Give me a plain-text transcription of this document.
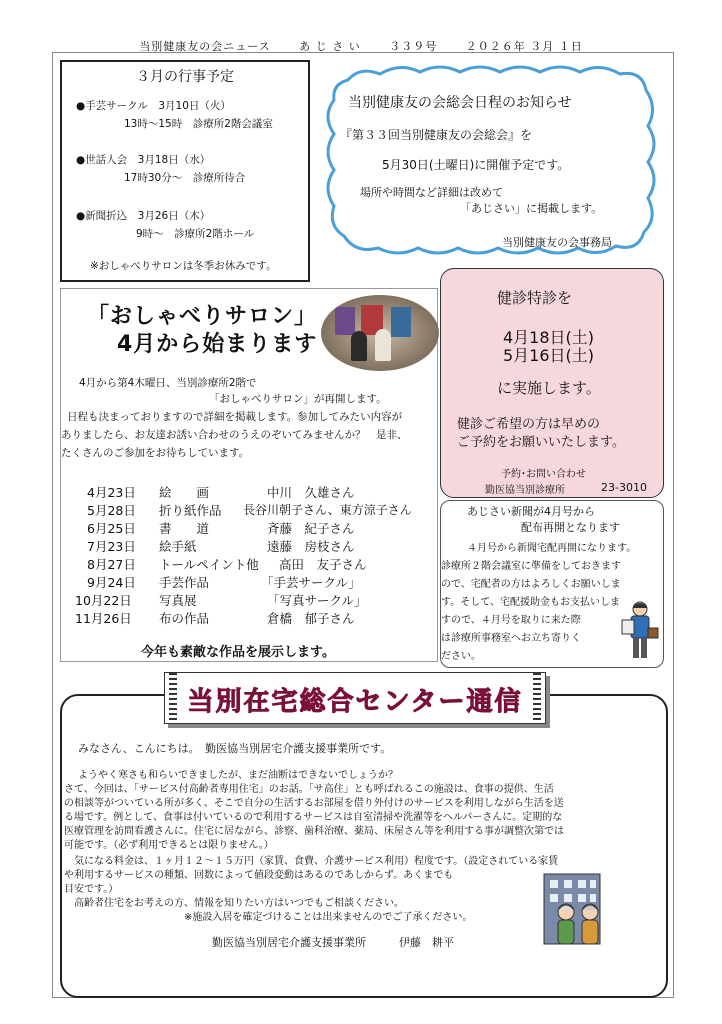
当別健康友の会ニュース　　	あ じ さ い　　	３３９号　　	２０２６年 ３月 １日
３月の行事予定
●手芸サークル　3月10日（火）
13時～15時　診療所2階会議室
●世話人会　3月18日（水）
17時30分～　診療所待合
●新聞折込　3月26日（木）
9時～　診療所2階ホール
※おしゃべりサロンは冬季お休みです。
当別健康友の会総会日程のお知らせ
『第３３回当別健康友の会総会』を
5月30日(土曜日)に開催予定です。
場所や時間など詳細は改めて
「あじさい」に掲載します。
当別健康友の会事務局
「おしゃべりサロン」
4月から始まります
4月から第4木曜日、当別診療所2階で
「おしゃべりサロン」が再開します。
日程も決まっておりますので詳細を掲載します。参加してみたい内容が
ありましたら、お友達お誘い合わせのうえのぞいてみませんか？　是非、
たくさんのご参加をお待ちしています。
4月23日 絵　　画	中川　久雄さん
5月28日 折り紙作品 長谷川朝子さん、東方涼子さん
6月25日 書　　道	斉藤　紀子さん
7月23日 絵手紙	遠藤　房枝さん
8月27日 トールペイント他 高田　友子さん
9月24日 手芸作品	「手芸サークル」
10月22日 写真展	「写真サークル」
11月26日 布の作品	倉橋　郁子さん
今年も素敵な作品を展示します。
健診特診を
4月18日(土)
5月16日(土)
に実施します。
健診ご希望の方は早めの
ご予約をお願いいたします。
予約･お問い合わせ
勤医協当別診療所	23-3010
あじさい新聞が4月号から
配布再開となります
４月号から新聞宅配再開になります。
診療所２階会議室に準備をしておきます
ので、宅配者の方はよろしくお願いしま
す。そして、宅配援助金もお支払いしま
すので、４月号を取りに来た際
は診療所事務室へお立ち寄りく
ださい。
みなさん、こんにちは。　勤医協当別居宅介護支援事業所です。
　ようやく寒さも和らいできましたが、まだ油断はできないでしょうか？
さて、今回は、「サービス付高齢者専用住宅」のお話。「サ高住」とも呼ばれるこの施設は、食事の提供、生活
の相談等がついている所が多く、そこで自分の生活するお部屋を借り外付けのサービスを利用しながら生活を送
る場です。例として、食事は付いているので利用するサービスは自室清掃や洗濯等をヘルパーさんに。定期的な
医療管理を訪問看護さんに。住宅に居ながら、診察、歯科治療、薬局、床屋さん等を利用する事が調整次第では
可能です。（必ず利用できるとは限りません。）
　気になる料金は、１ヶ月１２～１５万円（家賃、食費、介護サービス利用）程度です。（設定されている家賃
や利用するサービスの種類、回数によって値段変動はあるのであしからず。あくまでも
目安です。）
　高齢者住宅をお考えの方、情報を知りたい方はいつでもご相談ください。
　　　　　　　　　　　　※施設入居を確定づけることは出来ませんのでご了承ください。
勤医協当別居宅介護支援事業所　　　伊藤　耕平
当別在宅総合センター通信
